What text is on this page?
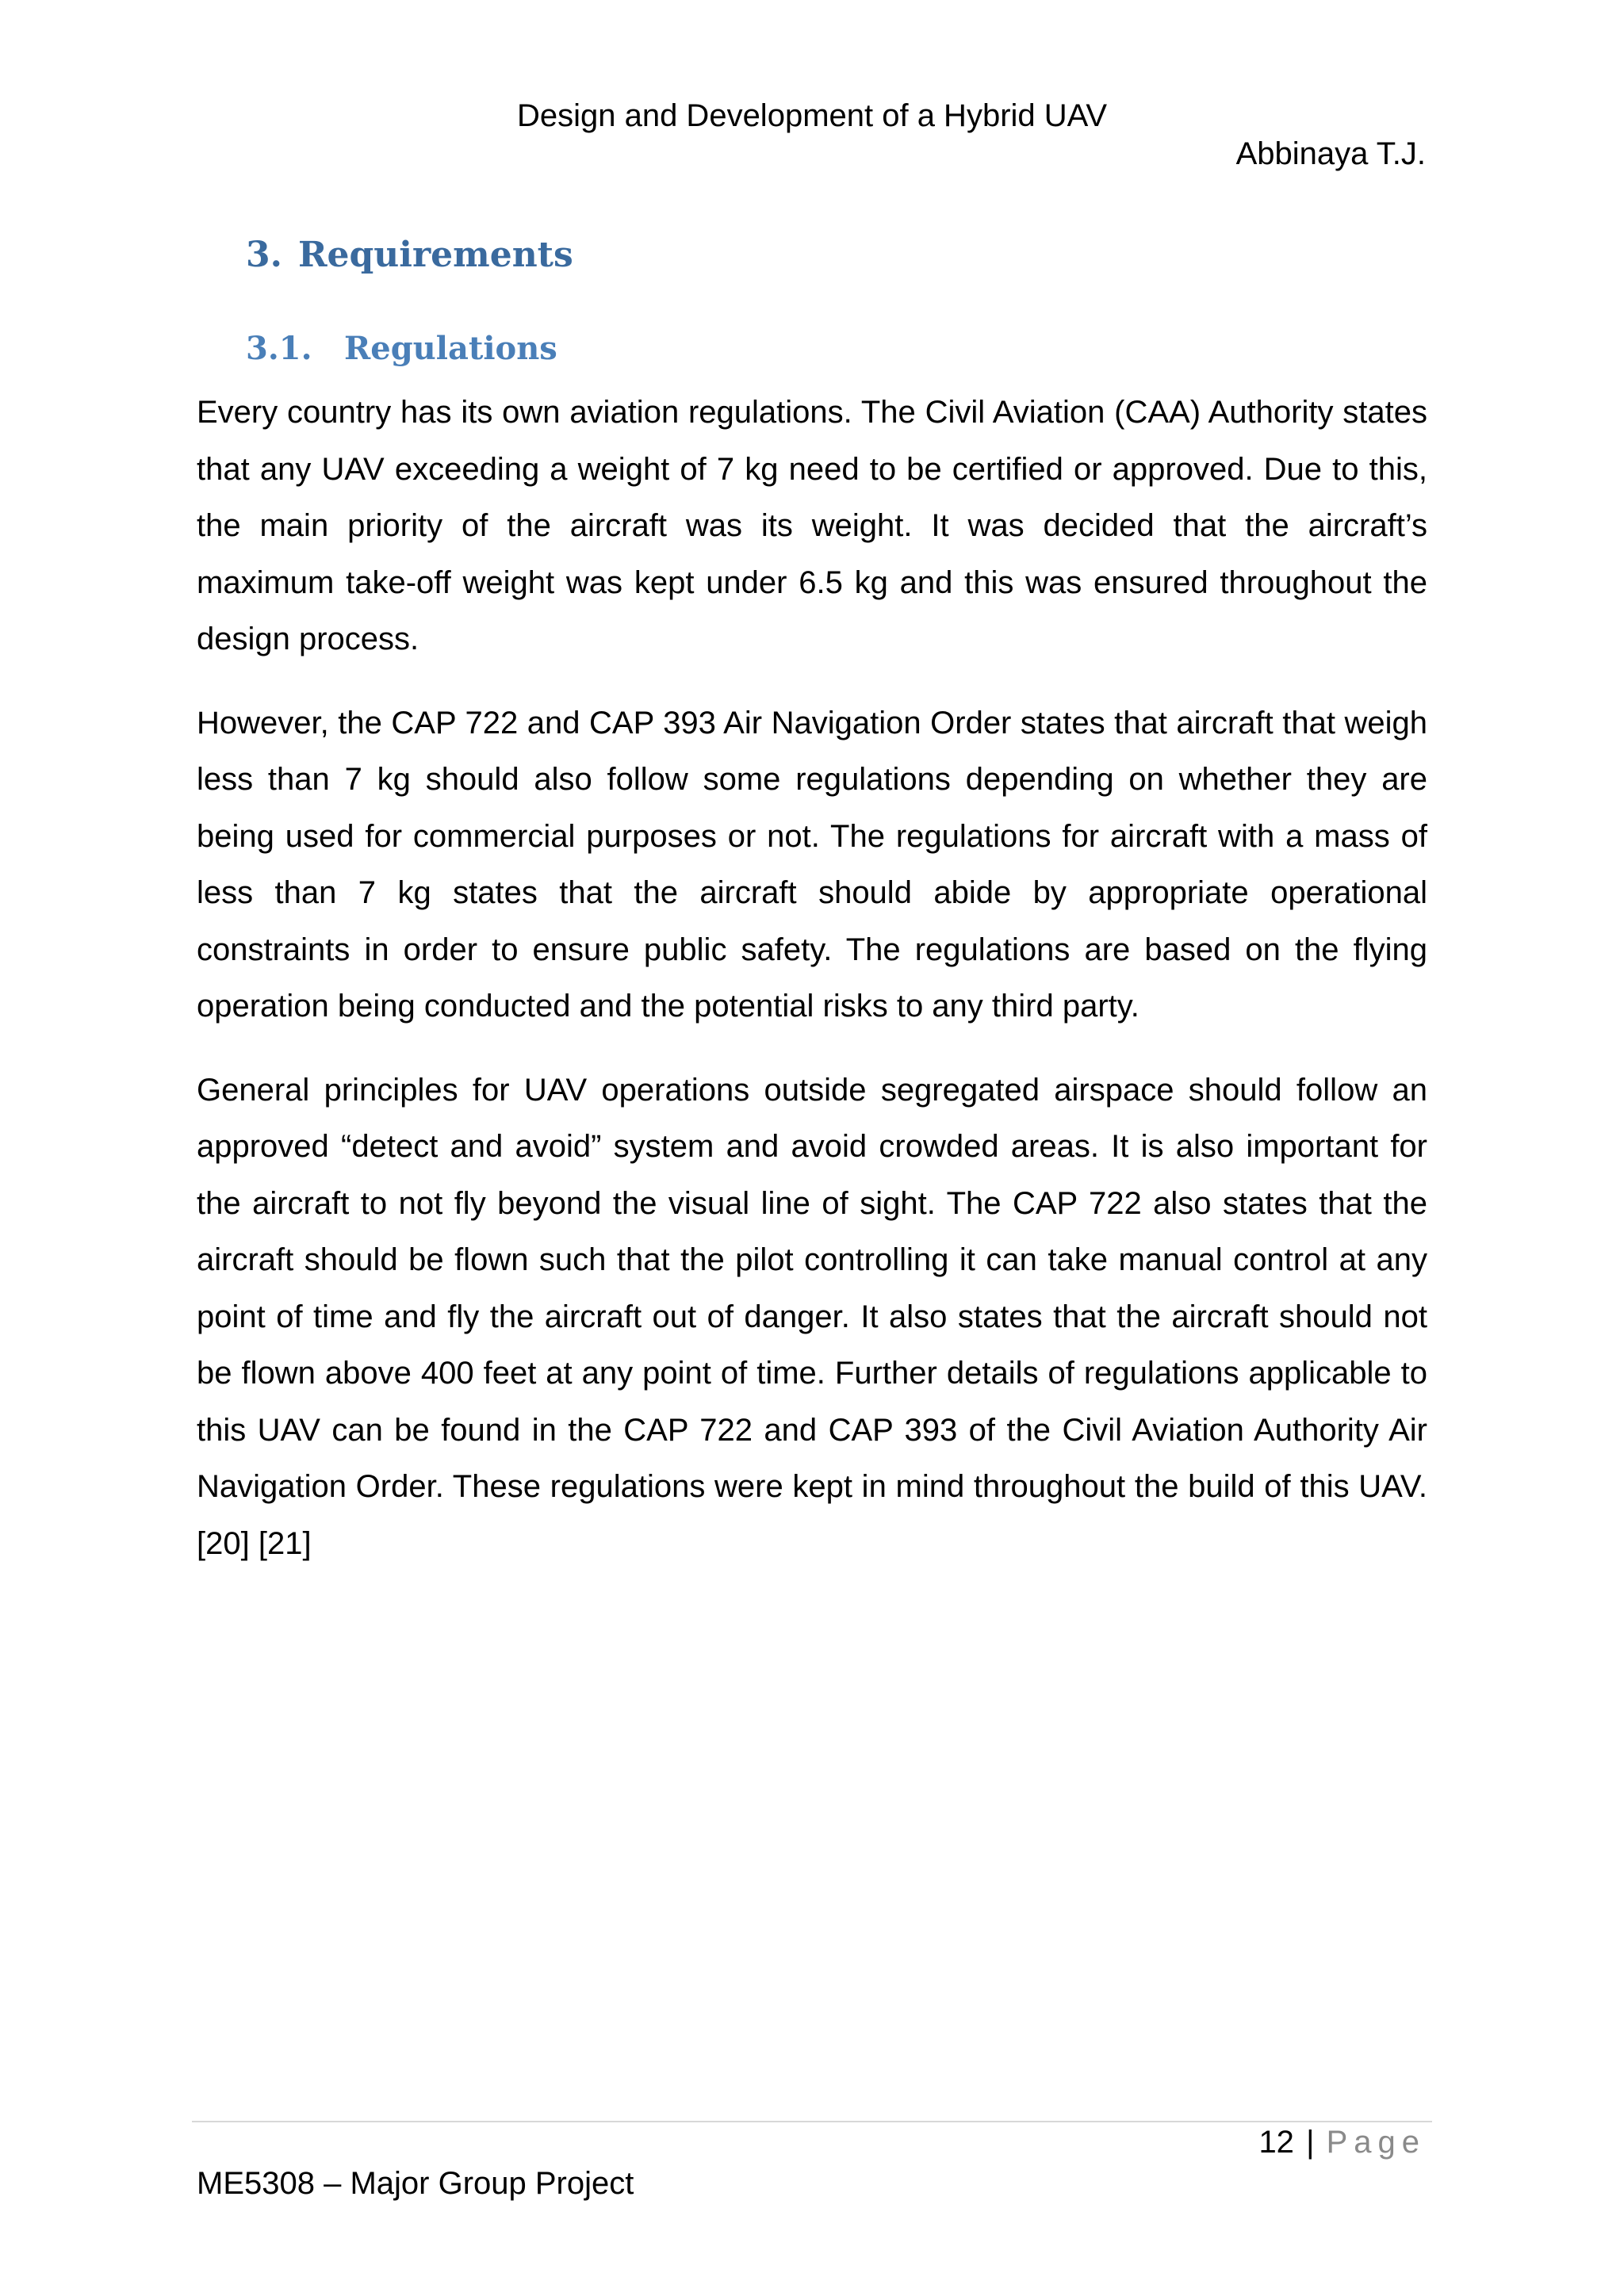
Design and Development of a Hybrid UAV
Abbinaya T.J.
3. Requirements
3.1. Regulations

Every country has its own aviation regulations. The Civil Aviation (CAA) Authority states that any UAV exceeding a weight of 7 kg need to be certified or approved. Due to this, the main priority of the aircraft was its weight. It was decided that the aircraft’s maximum take-off weight was kept under 6.5 kg and this was ensured throughout the design process.

However, the CAP 722 and CAP 393 Air Navigation Order states that aircraft that weigh less than 7 kg should also follow some regulations depending on whether they are being used for commercial purposes or not. The regulations for aircraft with a mass of less than 7 kg states that the aircraft should abide by appropriate operational constraints in order to ensure public safety. The regulations are based on the flying operation being conducted and the potential risks to any third party.

General principles for UAV operations outside segregated airspace should follow an approved “detect and avoid” system and avoid crowded areas. It is also important for the aircraft to not fly beyond the visual line of sight. The CAP 722 also states that the aircraft should be flown such that the pilot controlling it can take manual control at any point of time and fly the aircraft out of danger. It also states that the aircraft should not be flown above 400 feet at any point of time. Further details of regulations applicable to this UAV can be found in the CAP 722 and CAP 393 of the Civil Aviation Authority Air Navigation Order. These regulations were kept in mind throughout the build of this UAV. [20] [21]

12 | Page
ME5308 – Major Group Project
